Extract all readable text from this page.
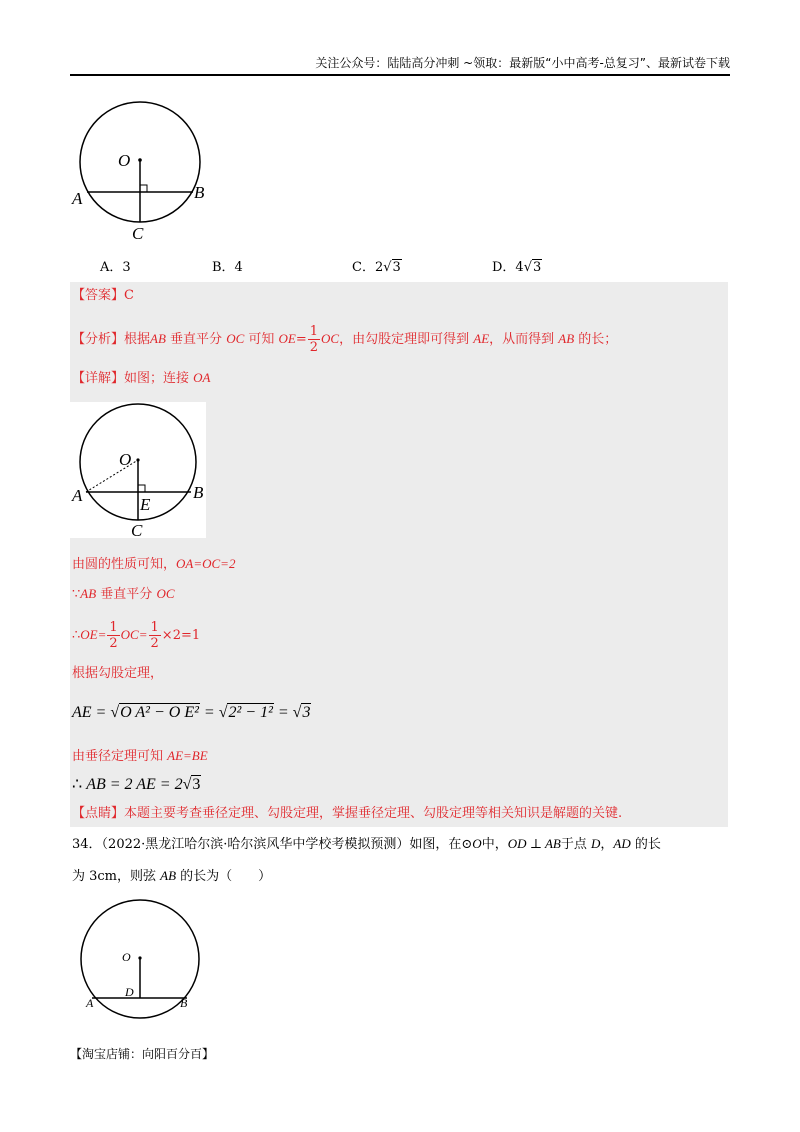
关注公众号：陆陆高分冲刺 ~领取：最新版“小中高考-总复习”、最新试卷下载
O
A	B
C
A．3	B．4	C．2√3	D．4√3
【答案】C
【分析】根据AB 垂直平分 OC 可知 $OE= \frac{1}{2}$ OC，由勾股定理即可得到 AE，从而得到 AB 的长；
【详解】如图；连接 OA
O
A	B
E
C
由圆的性质可知，OA=OC=2
∵AB 垂直平分 OC
∴OE= $\frac{1}{2} OC= \frac{1}{2} \times 2=1$
根据勾股定理，
AE = √O A² − O E² = √2² − 1² = √3
由垂径定理可知 AE=BE
∴ AB = 2 AE = 2√3
【点睛】本题主要考查垂径定理、勾股定理，掌握垂径定理、勾股定理等相关知识是解题的关键.
34．（2022·黑龙江哈尔滨·哈尔滨风华中学校考模拟预测）如图，在⊙O中，OD ⊥ AB于点 D，AD 的长
为 3cm，则弦 AB 的长为（　　）
O
A	B
D
【淘宝店铺：向阳百分百】
